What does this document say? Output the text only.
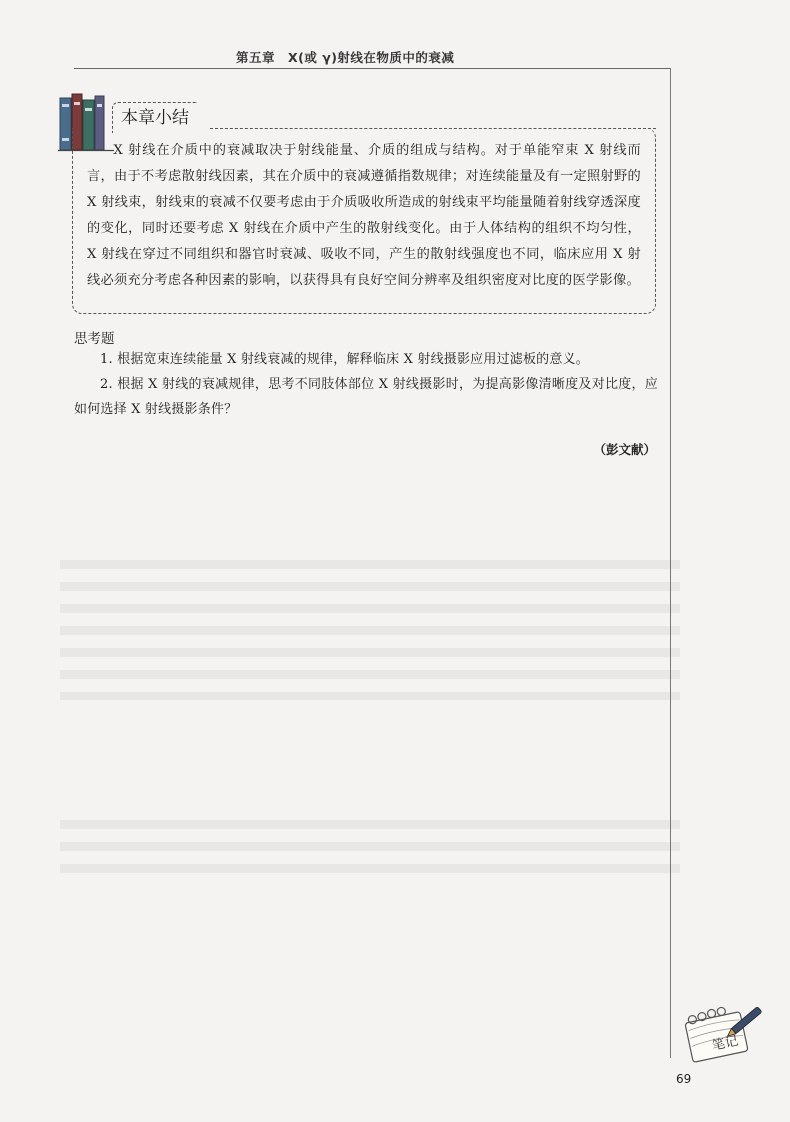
第五章　X(或 γ)射线在物质中的衰减
本章小结

X 射线在介质中的衰减取决于射线能量、介质的组成与结构。对于单能窄束 X 射线而言，由于不考虑散射线因素，其在介质中的衰减遵循指数规律；对连续能量及有一定照射野的 X 射线束，射线束的衰减不仅要考虑由于介质吸收所造成的射线束平均能量随着射线穿透深度的变化，同时还要考虑 X 射线在介质中产生的散射线变化。由于人体结构的组织不均匀性，X 射线在穿过不同组织和器官时衰减、吸收不同，产生的散射线强度也不同，临床应用 X 射线必须充分考虑各种因素的影响，以获得具有良好空间分辨率及组织密度对比度的医学影像。

思考题

1. 根据宽束连续能量 X 射线衰减的规律，解释临床 X 射线摄影应用过滤板的意义。

2. 根据 X 射线的衰减规律，思考不同肢体部位 X 射线摄影时，为提高影像清晰度及对比度，应如何选择 X 射线摄影条件？

（彭文献）
笔记
69
